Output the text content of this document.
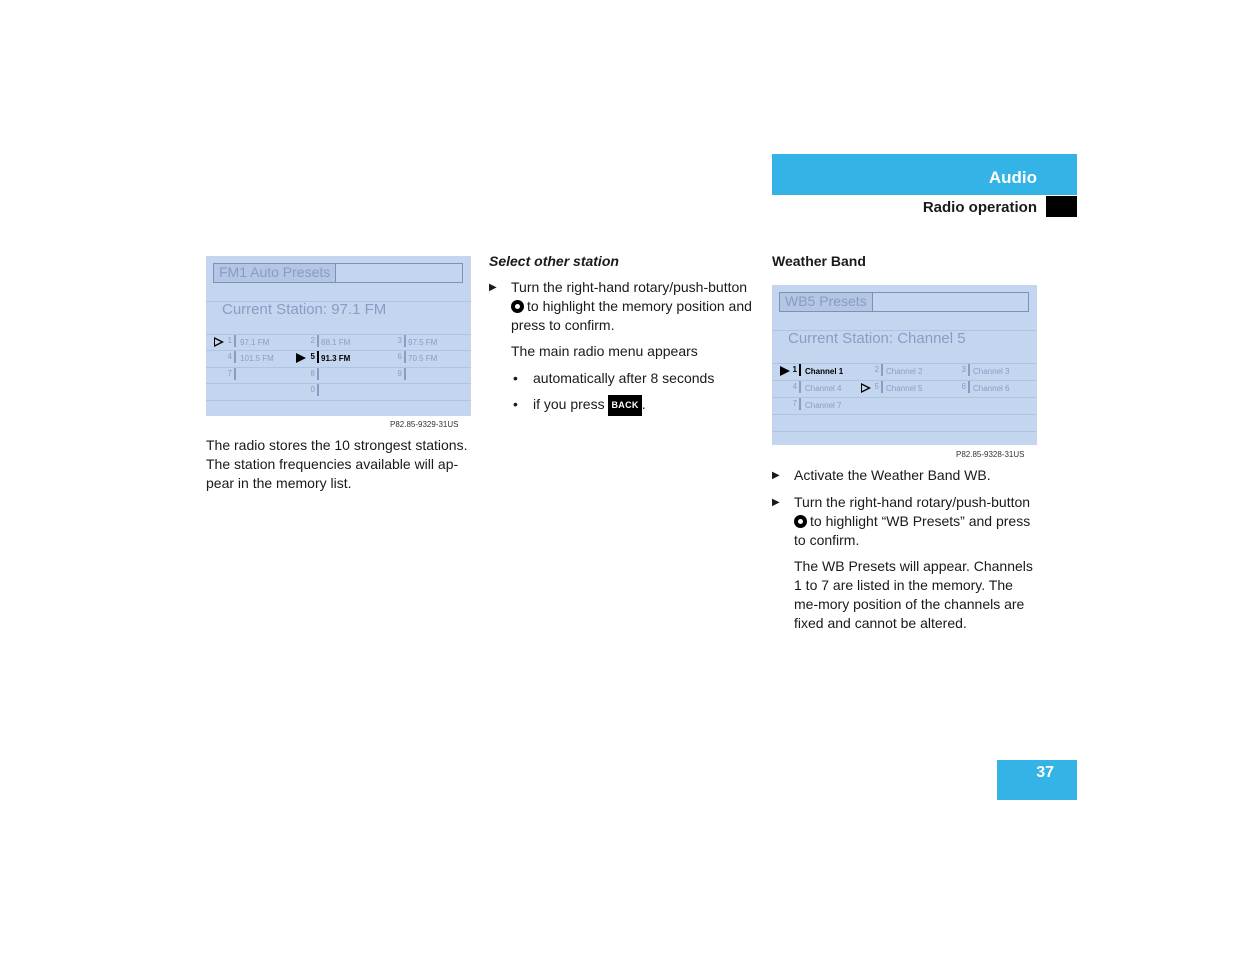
Audio
Radio operation
FM1 Auto Presets
Current Station: 97.1 FM
1 97.1 FM	2 88.1 FM	3 97.5 FM
4 101.5 FM	5 91.3 FM	6 70.5 FM
7	8	9
0
P82.85-9329-31US
The radio stores the 10 strongest stations. The station frequencies available will ap-pear in the memory list.
Select other station
▶ Turn the right-hand rotary/push-button to highlight the memory position and press to confirm.
The main radio menu appears
• automatically after 8 seconds
• if you press BACK .
Weather Band
WB5 Presets
Current Station: Channel 5
1 Channel 1	2 Channel 2	3 Channel 3
4 Channel 4	5 Channel 5	6 Channel 6
7 Channel 7
P82.85-9328-31US
▶ Activate the Weather Band WB.
▶ Turn the right-hand rotary/push-button to highlight “WB Presets” and press to confirm.
The WB Presets will appear. Channels 1 to 7 are listed in the memory. The me-mory position of the channels are fixed and cannot be altered.
37
